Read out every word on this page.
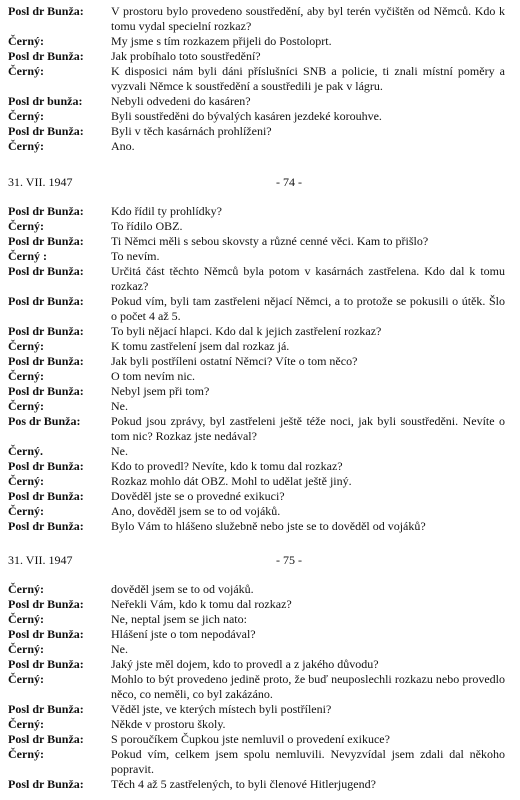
Posl dr Bunža:	V prostoru bylo provedeno soustředění, aby byl terén vyčištěn od Němců. Kdo k tomu vydal specielní rozkaz?
Černý:	My jsme s tím rozkazem přijeli do Postoloprt.
Posl dr Bunža:	Jak probíhalo toto soustředění?
Černý:	K disposici nám byli dáni příslušníci SNB a policie, ti znali místní poměry a vyzvali Němce k soustředění a soustředili je pak v lágru.
Posl dr bunža:	Nebyli odvedeni do kasáren?
Černý:	Byli soustředěni do bývalých kasáren jezdeké korouhve.
Posl dr Bunža:	Byli v těch kasárnách prohlíženi?
Černý:	Ano.
31. VII. 1947	- 74 -
Posl dr Bunža:	Kdo řídil ty prohlídky?
Černý:	To řídilo OBZ.
Posl dr Bunža:	Ti Němci měli s sebou skovsty a různé cenné věci. Kam to přišlo?
Černý :	To nevím.
Posl dr Bunža:	Určitá část těchto Němců byla potom v kasárnách zastřelena. Kdo dal k tomu rozkaz?
Posl dr Bunža:	Pokud vím, byli tam zastřeleni nějací Němci, a to protože se pokusili o útěk. Šlo o počet 4 až 5.
Posl dr Bunža:	To byli nějací hlapci. Kdo dal k jejich zastřelení rozkaz?
Černý:	K tomu zastřelení jsem dal rozkaz já.
Posl dr Bunža:	Jak byli postříleni ostatní Němci? Víte o tom něco?
Černý:	O tom nevím nic.
Posl dr Bunža:	Nebyl jsem při tom?
Černý:	Ne.
Pos dr Bunža:	Pokud jsou zprávy, byl zastřeleni ještě téže noci, jak byli soustředěni. Nevíte o tom nic? Rozkaz jste nedával?
Černý.	Ne.
Posl dr Bunža:	Kdo to provedl? Nevíte, kdo k tomu dal rozkaz?
Černý:	Rozkaz mohlo dát OBZ. Mohl to udělat ještě jiný.
Posl dr Bunža:	Dověděl jste se o provedné exikuci?
Černý:	Ano, dověděl jsem se to od vojáků.
Posl dr Bunža:	Bylo Vám to hlášeno služebně nebo jste se to dověděl od vojáků?
31. VII. 1947	- 75 -
Černý:	dověděl jsem se to od vojáků.
Posl dr Bunža:	Neřekli Vám, kdo k tomu dal rozkaz?
Černý:	Ne, neptal jsem se jich nato:
Posl dr Bunža:	Hlášení jste o tom nepodával?
Černý:	Ne.
Posl dr Bunža:	Jaký jste měl dojem, kdo to provedl a z jakého důvodu?
Černý:	Mohlo to být provedeno jedině proto, že buď neuposlechli rozkazu nebo provedlo něco, co neměli, co byl zakázáno.
Posl dr Bunža:	Věděl jste, ve kterých místech byli postříleni?
Černý:	Někde v prostoru školy.
Posl dr Bunža:	S poroučíkem Čupkou jste nemluvil o provedení exikuce?
Černý:	Pokud vím, celkem jsem spolu nemluvili. Nevyzvídal jsem zdali dal někoho popravit.
Posl dr Bunža:	Těch 4 až 5 zastřelených, to byli členové Hitlerjugend?
